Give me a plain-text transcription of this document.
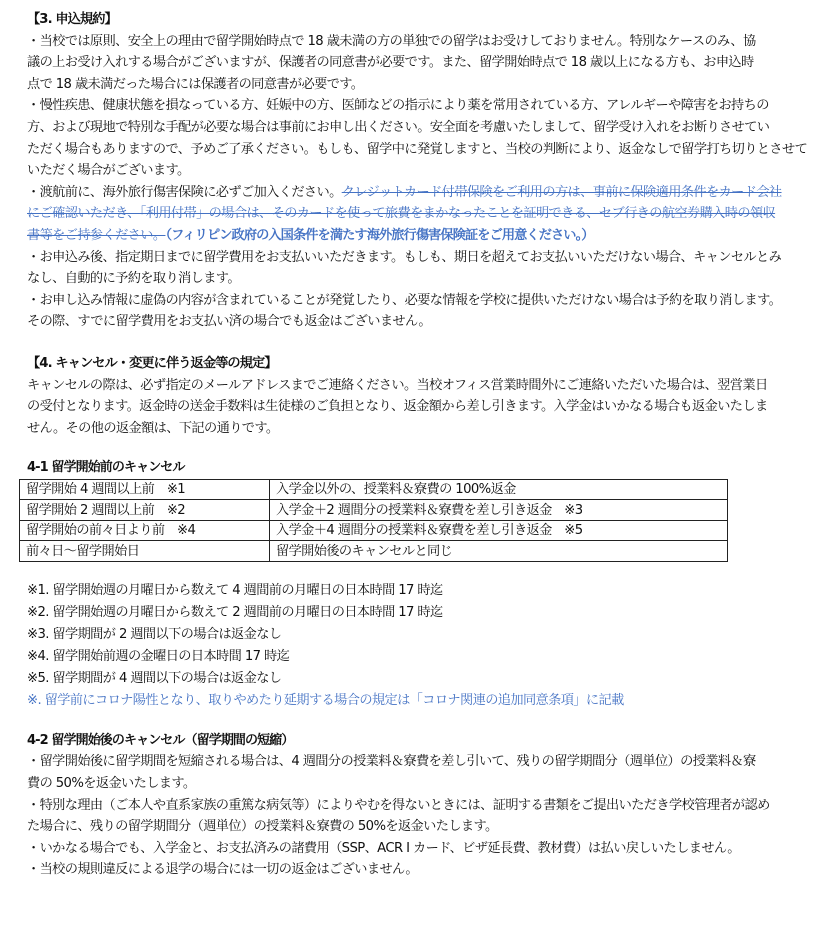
【3. 申込規約】
・当校では原則、安全上の理由で留学開始時点で 18 歳未満の方の単独での留学はお受けしておりません。特別なケースのみ、協
議の上お受け入れする場合がございますが、保護者の同意書が必要です。また、留学開始時点で 18 歳以上になる方も、お申込時
点で 18 歳未満だった場合には保護者の同意書が必要です。
・慢性疾患、健康状態を損なっている方、妊娠中の方、医師などの指示により薬を常用されている方、アレルギーや障害をお持ちの
方、および現地で特別な手配が必要な場合は事前にお申し出ください。安全面を考慮いたしまして、留学受け入れをお断りさせてい
ただく場合もありますので、予めご了承ください。もしも、留学中に発覚しますと、当校の判断により、返金なしで留学打ち切りとさせて
いただく場合がございます。
・渡航前に、海外旅行傷害保険に必ずご加入ください。クレジットカード付帯保険をご利用の方は、事前に保険適用条件をカード会社
にご確認いただき、「利用付帯」の場合は、そのカードを使って旅費をまかなったことを証明できる、セブ行きの航空券購入時の領収
書等をご持参ください。（フィリピン政府の入国条件を満たす海外旅行傷害保険証をご用意ください。）
・お申込み後、指定期日までに留学費用をお支払いいただきます。もしも、期日を超えてお支払いいただけない場合、キャンセルとみ
なし、自動的に予約を取り消します。
・お申し込み情報に虚偽の内容が含まれていることが発覚したり、必要な情報を学校に提供いただけない場合は予約を取り消します。
その際、すでに留学費用をお支払い済の場合でも返金はございません。
【4. キャンセル・変更に伴う返金等の規定】
キャンセルの際は、必ず指定のメールアドレスまでご連絡ください。当校オフィス営業時間外にご連絡いただいた場合は、翌営業日
の受付となります。返金時の送金手数料は生徒様のご負担となり、返金額から差し引きます。入学金はいかなる場合も返金いたしま
せん。その他の返金額は、下記の通りです。
4-1 留学開始前のキャンセル
留学開始 4 週間以上前　※1	入学金以外の、授業料＆寮費の 100%返金
留学開始 2 週間以上前　※2	入学金＋2 週間分の授業料＆寮費を差し引き返金　※3
留学開始の前々日より前　※4	入学金＋4 週間分の授業料＆寮費を差し引き返金　※5
前々日～留学開始日	留学開始後のキャンセルと同じ
※1. 留学開始週の月曜日から数えて 4 週間前の月曜日の日本時間 17 時迄
※2. 留学開始週の月曜日から数えて 2 週間前の月曜日の日本時間 17 時迄
※3. 留学期間が 2 週間以下の場合は返金なし
※4. 留学開始前週の金曜日の日本時間 17 時迄
※5. 留学期間が 4 週間以下の場合は返金なし
※. 留学前にコロナ陽性となり、取りやめたり延期する場合の規定は「コロナ関連の追加同意条項」に記載
4-2 留学開始後のキャンセル（留学期間の短縮）
・留学開始後に留学期間を短縮される場合は、4 週間分の授業料＆寮費を差し引いて、残りの留学期間分（週単位）の授業料＆寮
費の 50%を返金いたします。
・特別な理由（ご本人や直系家族の重篤な病気等）によりやむを得ないときには、証明する書類をご提出いただき学校管理者が認め
た場合に、残りの留学期間分（週単位）の授業料＆寮費の 50%を返金いたします。
・いかなる場合でも、入学金と、お支払済みの諸費用（SSP、ACR I カード、ビザ延長費、教材費）は払い戻しいたしません。
・当校の規則違反による退学の場合には一切の返金はございません。
